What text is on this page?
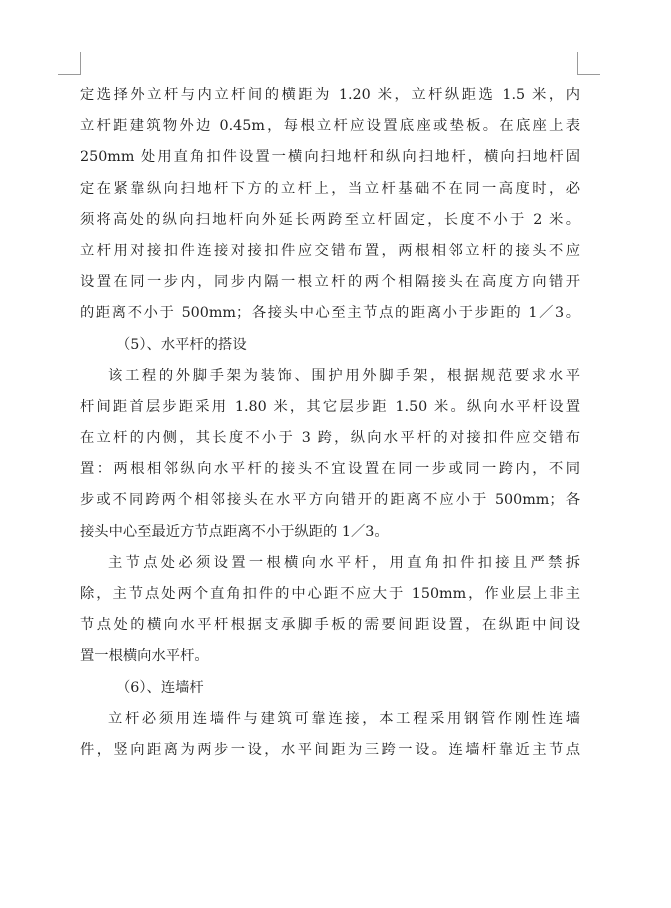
定选择外立杆与内立杆间的横距为 1.20 米，立杆纵距选 1.5 米，内
立杆距建筑物外边 0.45m，每根立杆应设置底座或垫板。在底座上表
250mm 处用直角扣件设置一横向扫地杆和纵向扫地杆，横向扫地杆固
定在紧靠纵向扫地杆下方的立杆上，当立杆基础不在同一高度时，必
须将高处的纵向扫地杆向外延长两跨至立杆固定，长度不小于 2 米。
立杆用对接扣件连接对接扣件应交错布置，两根相邻立杆的接头不应
设置在同一步内，同步内隔一根立杆的两个相隔接头在高度方向错开
的距离不小于 500mm；各接头中心至主节点的距离小于步距的 1／3。
（5）、水平杆的搭设
该工程的外脚手架为装饰、围护用外脚手架，根据规范要求水平
杆间距首层步距采用 1.80 米，其它层步距 1.50 米。纵向水平杆设置
在立杆的内侧，其长度不小于 3 跨，纵向水平杆的对接扣件应交错布
置：两根相邻纵向水平杆的接头不宜设置在同一步或同一跨内，不同
步或不同跨两个相邻接头在水平方向错开的距离不应小于 500mm；各
接头中心至最近方节点距离不小于纵距的 1／3。
主节点处必须设置一根横向水平杆，用直角扣件扣接且严禁拆
除，主节点处两个直角扣件的中心距不应大于 150mm，作业层上非主
节点处的横向水平杆根据支承脚手板的需要间距设置，在纵距中间设
置一根横向水平杆。
（6）、连墙杆
立杆必须用连墙件与建筑可靠连接，本工程采用钢管作刚性连墙
件，竖向距离为两步一设，水平间距为三跨一设。连墙杆靠近主节点
